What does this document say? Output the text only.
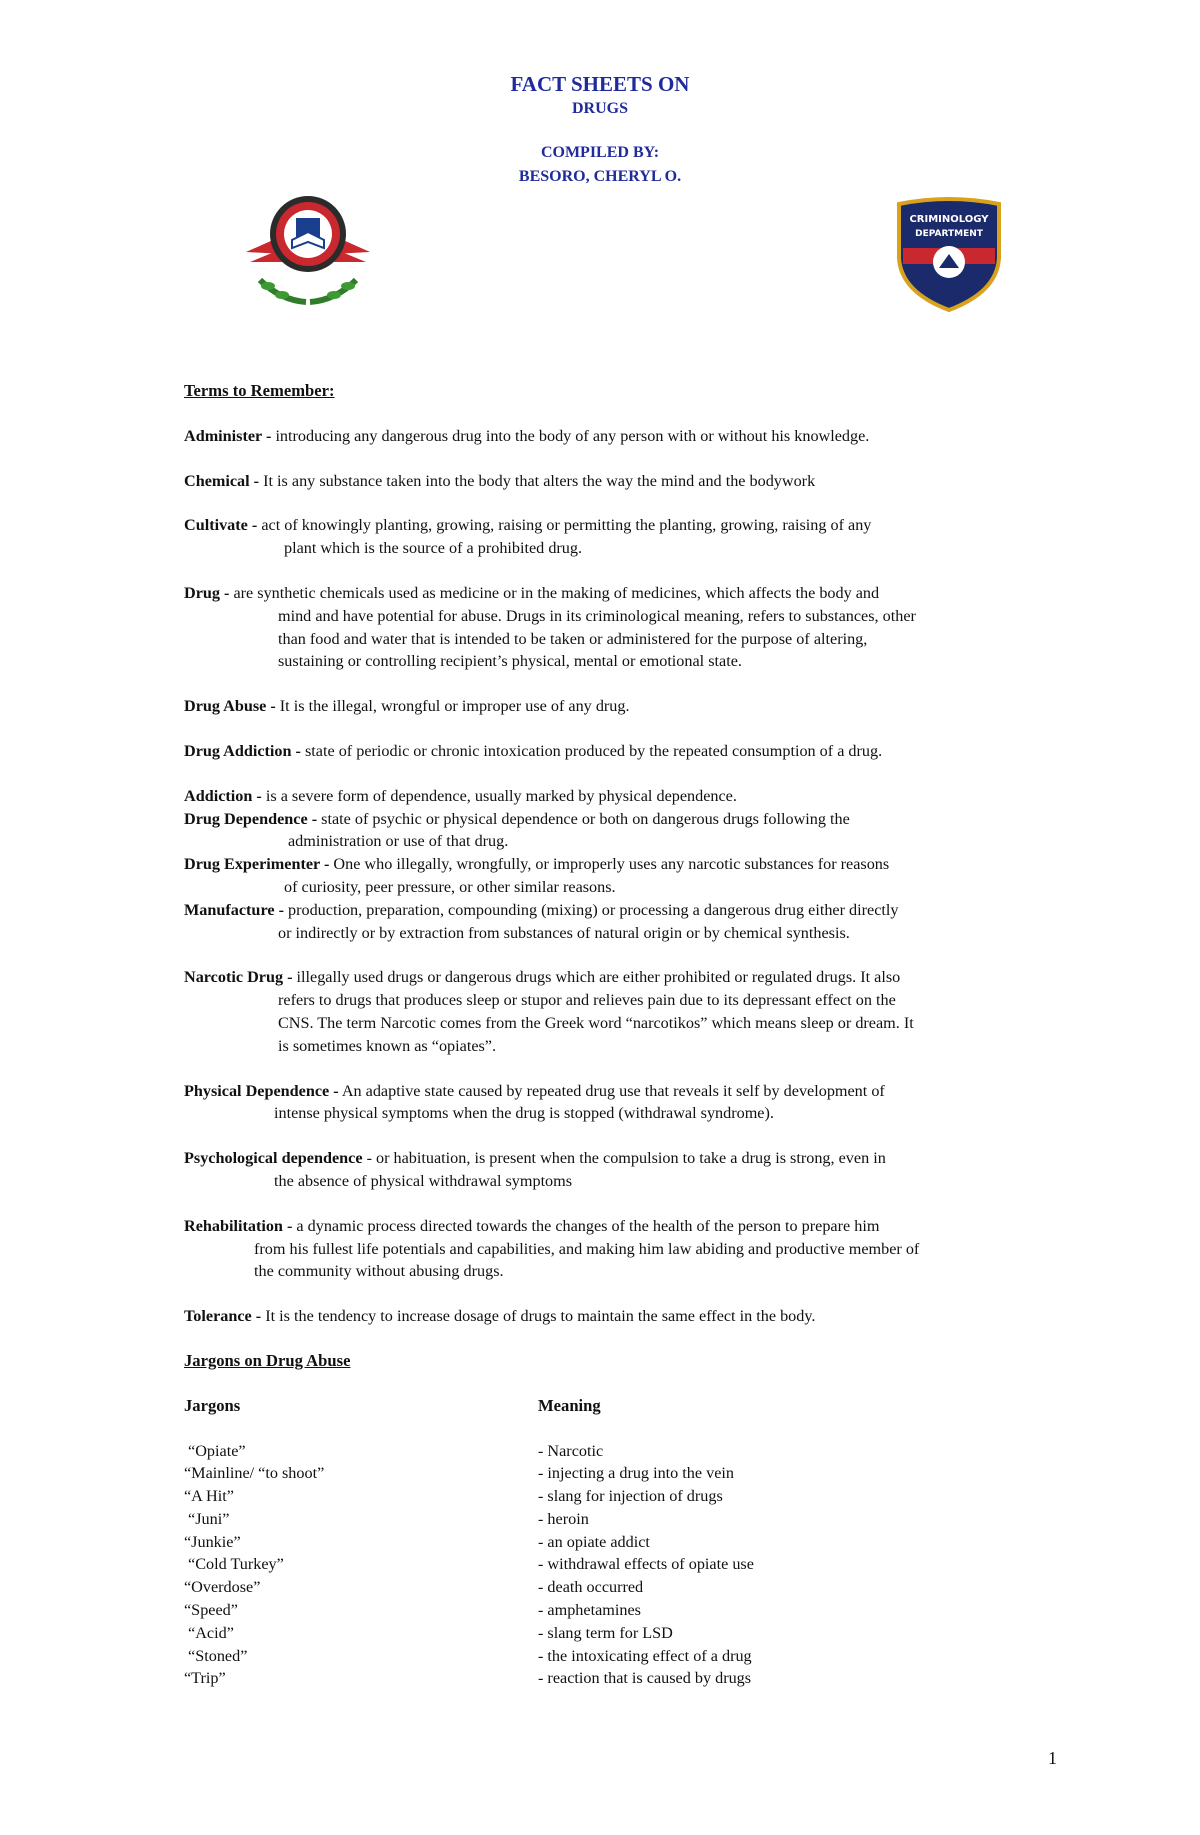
FACT SHEETS ON
DRUGS
COMPILED BY:
BESORO, CHERYL O.
CRIMINOLOGY
DEPARTMENT

Terms to Remember:

Administer - introducing any dangerous drug into the body of any person with or without his knowledge.
Chemical - It is any substance taken into the body that alters the way the mind and the bodywork
Cultivate - act of knowingly planting, growing, raising or permitting the planting, growing, raising of any
plant which is the source of a prohibited drug.
Drug - are synthetic chemicals used as medicine or in the making of medicines, which affects the body and
mind and have potential for abuse. Drugs in its criminological meaning, refers to substances, other
than food and water that is intended to be taken or administered for the purpose of altering,
sustaining or controlling recipient’s physical, mental or emotional state.
Drug Abuse - It is the illegal, wrongful or improper use of any drug.
Drug Addiction - state of periodic or chronic intoxication produced by the repeated consumption of a drug.
Addiction - is a severe form of dependence, usually marked by physical dependence.
Drug Dependence - state of psychic or physical dependence or both on dangerous drugs following the
administration or use of that drug.
Drug Experimenter - One who illegally, wrongfully, or improperly uses any narcotic substances for reasons
of curiosity, peer pressure, or other similar reasons.
Manufacture - production, preparation, compounding (mixing) or processing a dangerous drug either directly
or indirectly or by extraction from substances of natural origin or by chemical synthesis.
Narcotic Drug - illegally used drugs or dangerous drugs which are either prohibited or regulated drugs. It also
refers to drugs that produces sleep or stupor and relieves pain due to its depressant effect on the
CNS. The term Narcotic comes from the Greek word “narcotikos” which means sleep or dream. It
is sometimes known as “opiates”.
Physical Dependence - An adaptive state caused by repeated drug use that reveals it self by development of
intense physical symptoms when the drug is stopped (withdrawal syndrome).
Psychological dependence - or habituation, is present when the compulsion to take a drug is strong, even in
the absence of physical withdrawal symptoms
Rehabilitation - a dynamic process directed towards the changes of the health of the person to prepare him
from his fullest life potentials and capabilities, and making him law abiding and productive member of
the community without abusing drugs.
Tolerance - It is the tendency to increase dosage of drugs to maintain the same effect in the body.

Jargons on Drug Abuse

Jargons	Meaning
“Opiate”	- Narcotic
“Mainline/ “to shoot”	- injecting a drug into the vein
“A Hit”	- slang for injection of drugs
“Juni”	- heroin
“Junkie”	- an opiate addict
“Cold Turkey”	- withdrawal effects of opiate use
“Overdose”	- death occurred
“Speed”	- amphetamines
“Acid”	- slang term for LSD
“Stoned”	- the intoxicating effect of a drug
“Trip”	- reaction that is caused by drugs
1
